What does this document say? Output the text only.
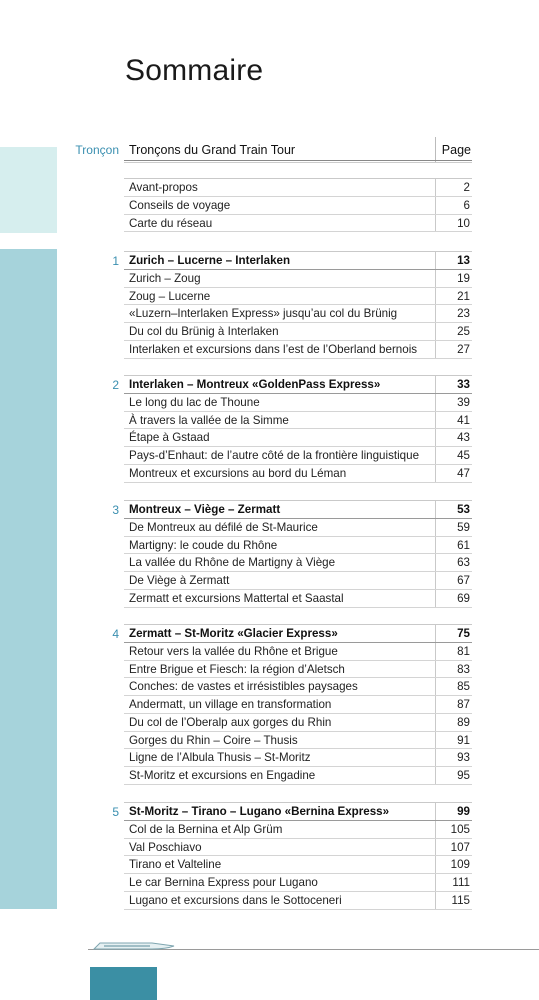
Sommaire
Tronçon Tronçons du Grand Train Tour	Page
Avant-propos	2
Conseils de voyage	6
Carte du réseau	10
1 Zurich – Lucerne – Interlaken	13
Zurich – Zoug	19
Zoug – Lucerne	21
«Luzern–Interlaken Express» jusqu’au col du Brünig	23
Du col du Brünig à Interlaken	25
Interlaken et excursions dans l’est de l’Oberland bernois	27
2 Interlaken – Montreux «GoldenPass Express»	33
Le long du lac de Thoune	39
À travers la vallée de la Simme	41
Étape à Gstaad	43
Pays-d’Enhaut: de l’autre côté de la frontière linguistique	45
Montreux et excursions au bord du Léman	47
3 Montreux – Viège – Zermatt	53
De Montreux au défilé de St-Maurice	59
Martigny: le coude du Rhône	61
La vallée du Rhône de Martigny à Viège	63
De Viège à Zermatt	67
Zermatt et excursions Mattertal et Saastal	69
4 Zermatt – St-Moritz «Glacier Express»	75
Retour vers la vallée du Rhône et Brigue	81
Entre Brigue et Fiesch: la région d’Aletsch	83
Conches: de vastes et irrésistibles paysages	85
Andermatt, un village en transformation	87
Du col de l’Oberalp aux gorges du Rhin	89
Gorges du Rhin – Coire – Thusis	91
Ligne de l’Albula Thusis – St-Moritz	93
St-Moritz et excursions en Engadine	95
5 St-Moritz – Tirano – Lugano «Bernina Express»	99
Col de la Bernina et Alp Grüm	105
Val Poschiavo	107
Tirano et Valteline	109
Le car Bernina Express pour Lugano	111
Lugano et excursions dans le Sottoceneri	115
